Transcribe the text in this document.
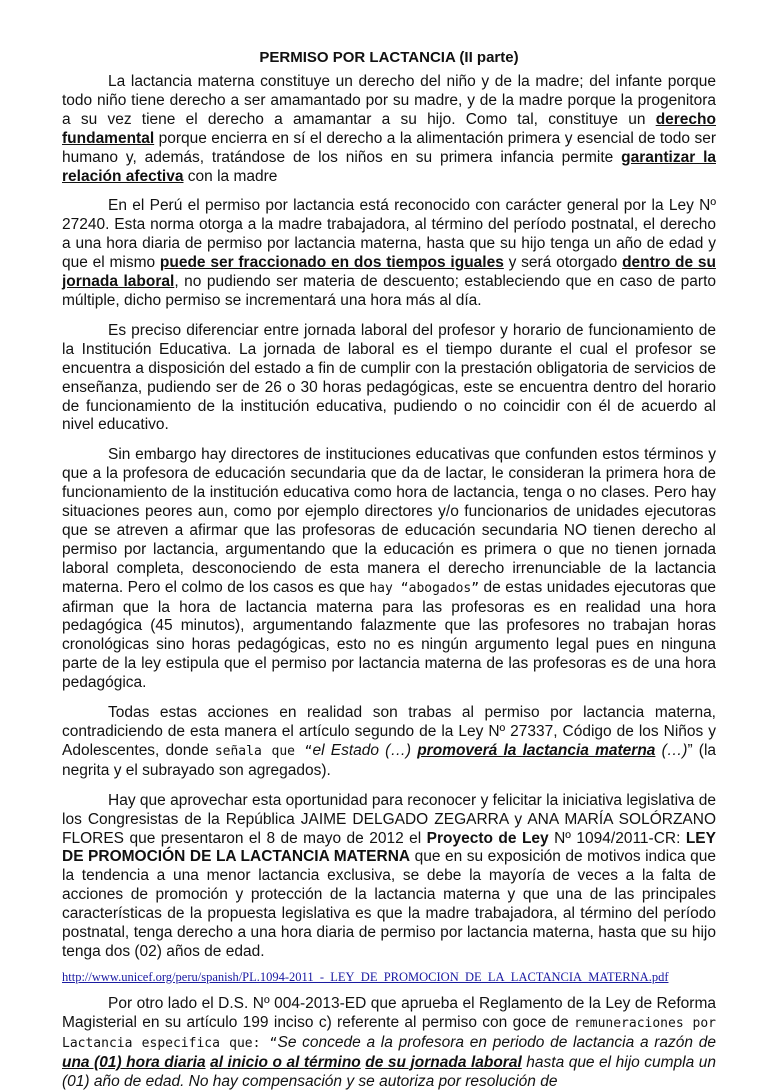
PERMISO POR LACTANCIA (II parte)

La lactancia materna constituye un derecho del niño y de la madre; del infante porque todo niño tiene derecho a ser amamantado por su madre, y de la madre porque la progenitora a su vez tiene el derecho a amamantar a su hijo. Como tal, constituye un derecho fundamental porque encierra en sí el derecho a la alimentación primera y esencial de todo ser humano y, además, tratándose de los niños en su primera infancia permite garantizar la relación afectiva con la madre

En el Perú el permiso por lactancia está reconocido con carácter general por la Ley Nº 27240. Esta norma otorga a la madre trabajadora, al término del período postnatal, el derecho a una hora diaria de permiso por lactancia materna, hasta que su hijo tenga un año de edad y que el mismo puede ser fraccionado en dos tiempos iguales y será otorgado dentro de su jornada laboral, no pudiendo ser materia de descuento; estableciendo que en caso de parto múltiple, dicho permiso se incrementará una hora más al día.

Es preciso diferenciar entre jornada laboral del profesor y horario de funcionamiento de la Institución Educativa. La jornada de laboral es el tiempo durante el cual el profesor se encuentra a disposición del estado a fin de cumplir con la prestación obligatoria de servicios de enseñanza, pudiendo ser de 26 o 30 horas pedagógicas, este se encuentra dentro del horario de funcionamiento de la institución educativa, pudiendo o no coincidir con él de acuerdo al nivel educativo.

Sin embargo hay directores de instituciones educativas que confunden estos términos y que a la profesora de educación secundaria que da de lactar, le consideran la primera hora de funcionamiento de la institución educativa como hora de lactancia, tenga o no clases. Pero hay situaciones peores aun, como por ejemplo directores y/o funcionarios de unidades ejecutoras que se atreven a afirmar que las profesoras de educación secundaria NO tienen derecho al permiso por lactancia, argumentando que la educación es primera o que no tienen jornada laboral completa, desconociendo de esta manera el derecho irrenunciable de la lactancia materna. Pero el colmo de los casos es que hay “abogados” de estas unidades ejecutoras que afirman que la hora de lactancia materna para las profesoras es en realidad una hora pedagógica (45 minutos), argumentando falazmente que las profesores no trabajan horas cronológicas sino horas pedagógicas, esto no es ningún argumento legal pues en ninguna parte de la ley estipula que el permiso por lactancia materna de las profesoras es de una hora pedagógica.

Todas estas acciones en realidad son trabas al permiso por lactancia materna, contradiciendo de esta manera el artículo segundo de la Ley Nº 27337, Código de los Niños y Adolescentes, donde señala que “el Estado (…) promoverá la lactancia materna (…)” (la negrita y el subrayado son agregados).

Hay que aprovechar esta oportunidad para reconocer y felicitar la iniciativa legislativa de los Congresistas de la República JAIME DELGADO ZEGARRA y ANA MARÍA SOLÓRZANO FLORES que presentaron el 8 de mayo de 2012 el Proyecto de Ley Nº 1094/2011-CR: LEY DE PROMOCIÓN DE LA LACTANCIA MATERNA que en su exposición de motivos indica que la tendencia a una menor lactancia exclusiva, se debe la mayoría de veces a la falta de acciones de promoción y protección de la lactancia materna y que una de las principales características de la propuesta legislativa es que la madre trabajadora, al término del período postnatal, tenga derecho a una hora diaria de permiso por lactancia materna, hasta que su hijo tenga dos (02) años de edad.

http://www.unicef.org/peru/spanish/PL.1094-2011_-_LEY_DE_PROMOCION_DE_LA_LACTANCIA_MATERNA.pdf

Por otro lado el D.S. Nº 004-2013-ED que aprueba el Reglamento de la Ley de Reforma Magisterial en su artículo 199 inciso c) referente al permiso con goce de remuneraciones por Lactancia especifica que: “Se concede a la profesora en periodo de lactancia a razón de una (01) hora diaria al inicio o al término de su jornada laboral hasta que el hijo cumpla un (01) año de edad. No hay compensación y se autoriza por resolución de
